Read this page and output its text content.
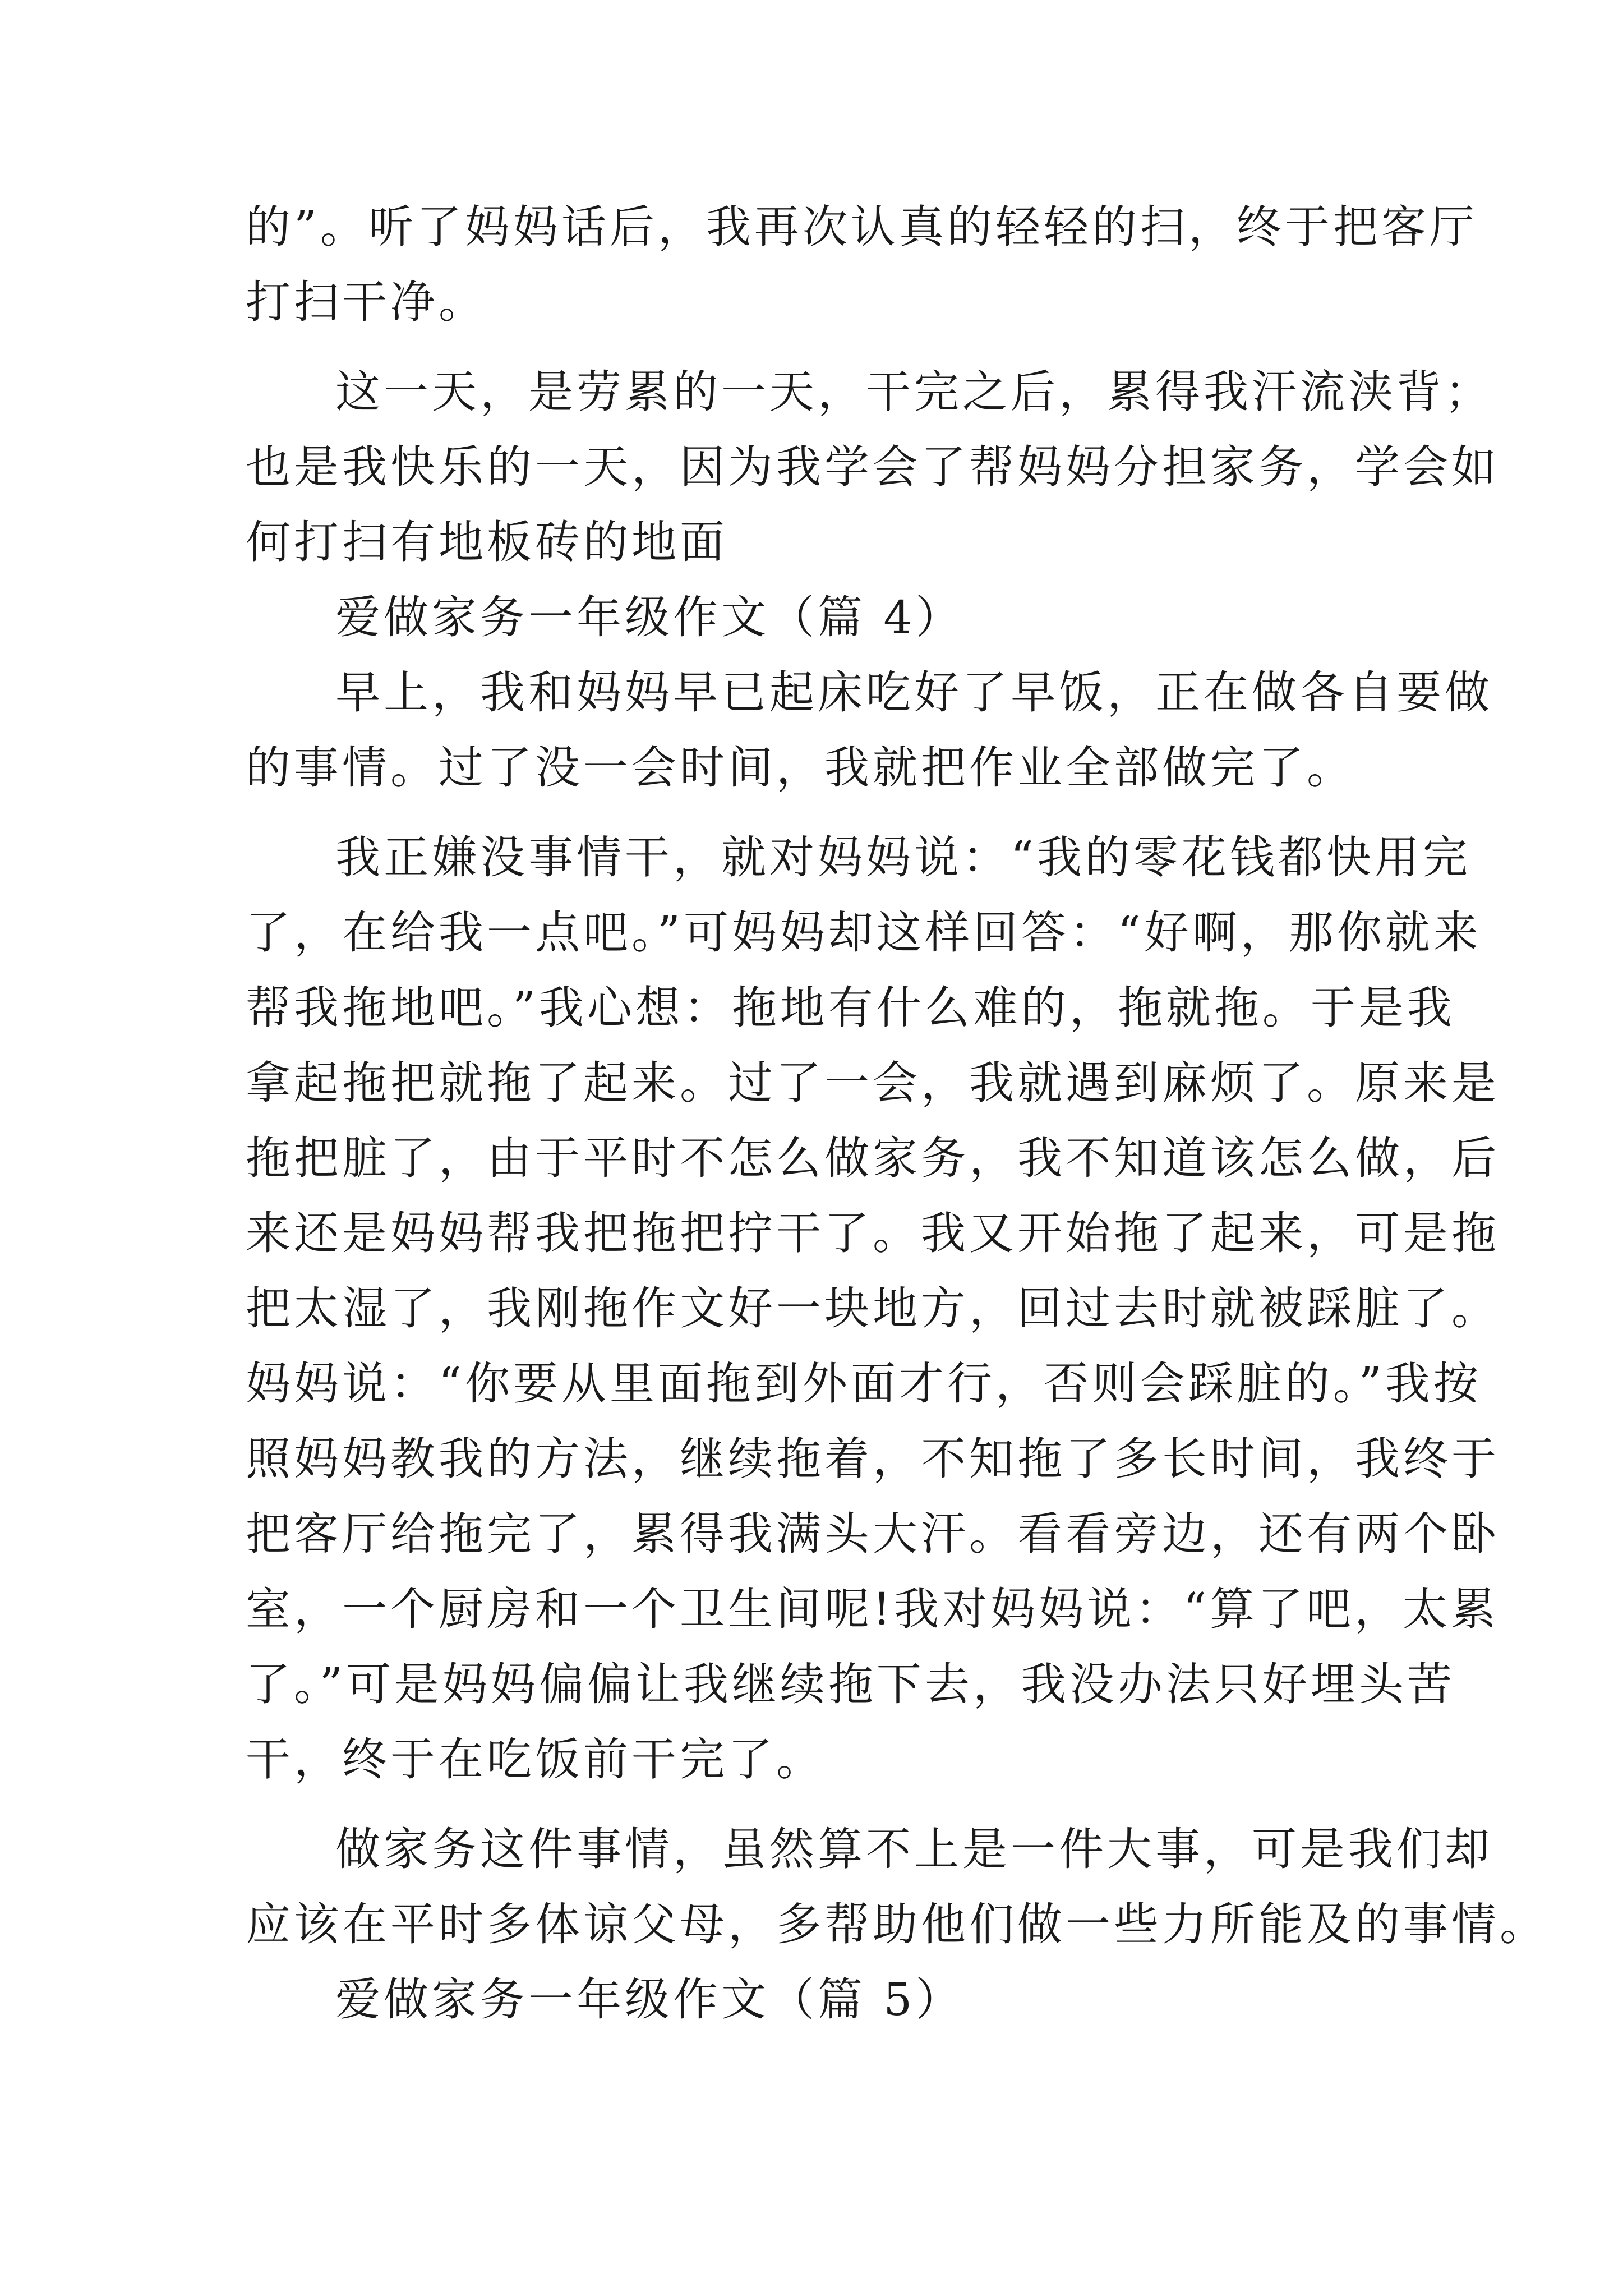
的”。听了妈妈话后，我再次认真的轻轻的扫，终于把客厅
打扫干净。
这一天，是劳累的一天，干完之后，累得我汗流浃背；
也是我快乐的一天，因为我学会了帮妈妈分担家务，学会如
何打扫有地板砖的地面
爱做家务一年级作文（篇 4）
早上，我和妈妈早已起床吃好了早饭，正在做各自要做
的事情。过了没一会时间，我就把作业全部做完了。
我正嫌没事情干，就对妈妈说：“我的零花钱都快用完
了，在给我一点吧。”可妈妈却这样回答：“好啊，那你就来
帮我拖地吧。”我心想：拖地有什么难的，拖就拖。于是我
拿起拖把就拖了起来。过了一会，我就遇到麻烦了。原来是
拖把脏了，由于平时不怎么做家务，我不知道该怎么做，后
来还是妈妈帮我把拖把拧干了。我又开始拖了起来，可是拖
把太湿了，我刚拖作文好一块地方，回过去时就被踩脏了。
妈妈说：“你要从里面拖到外面才行，否则会踩脏的。”我按
照妈妈教我的方法，继续拖着，不知拖了多长时间，我终于
把客厅给拖完了，累得我满头大汗。看看旁边，还有两个卧
室，一个厨房和一个卫生间呢!我对妈妈说：“算了吧，太累
了。”可是妈妈偏偏让我继续拖下去，我没办法只好埋头苦
干，终于在吃饭前干完了。
做家务这件事情，虽然算不上是一件大事，可是我们却
应该在平时多体谅父母，多帮助他们做一些力所能及的事情。
爱做家务一年级作文（篇 5）
